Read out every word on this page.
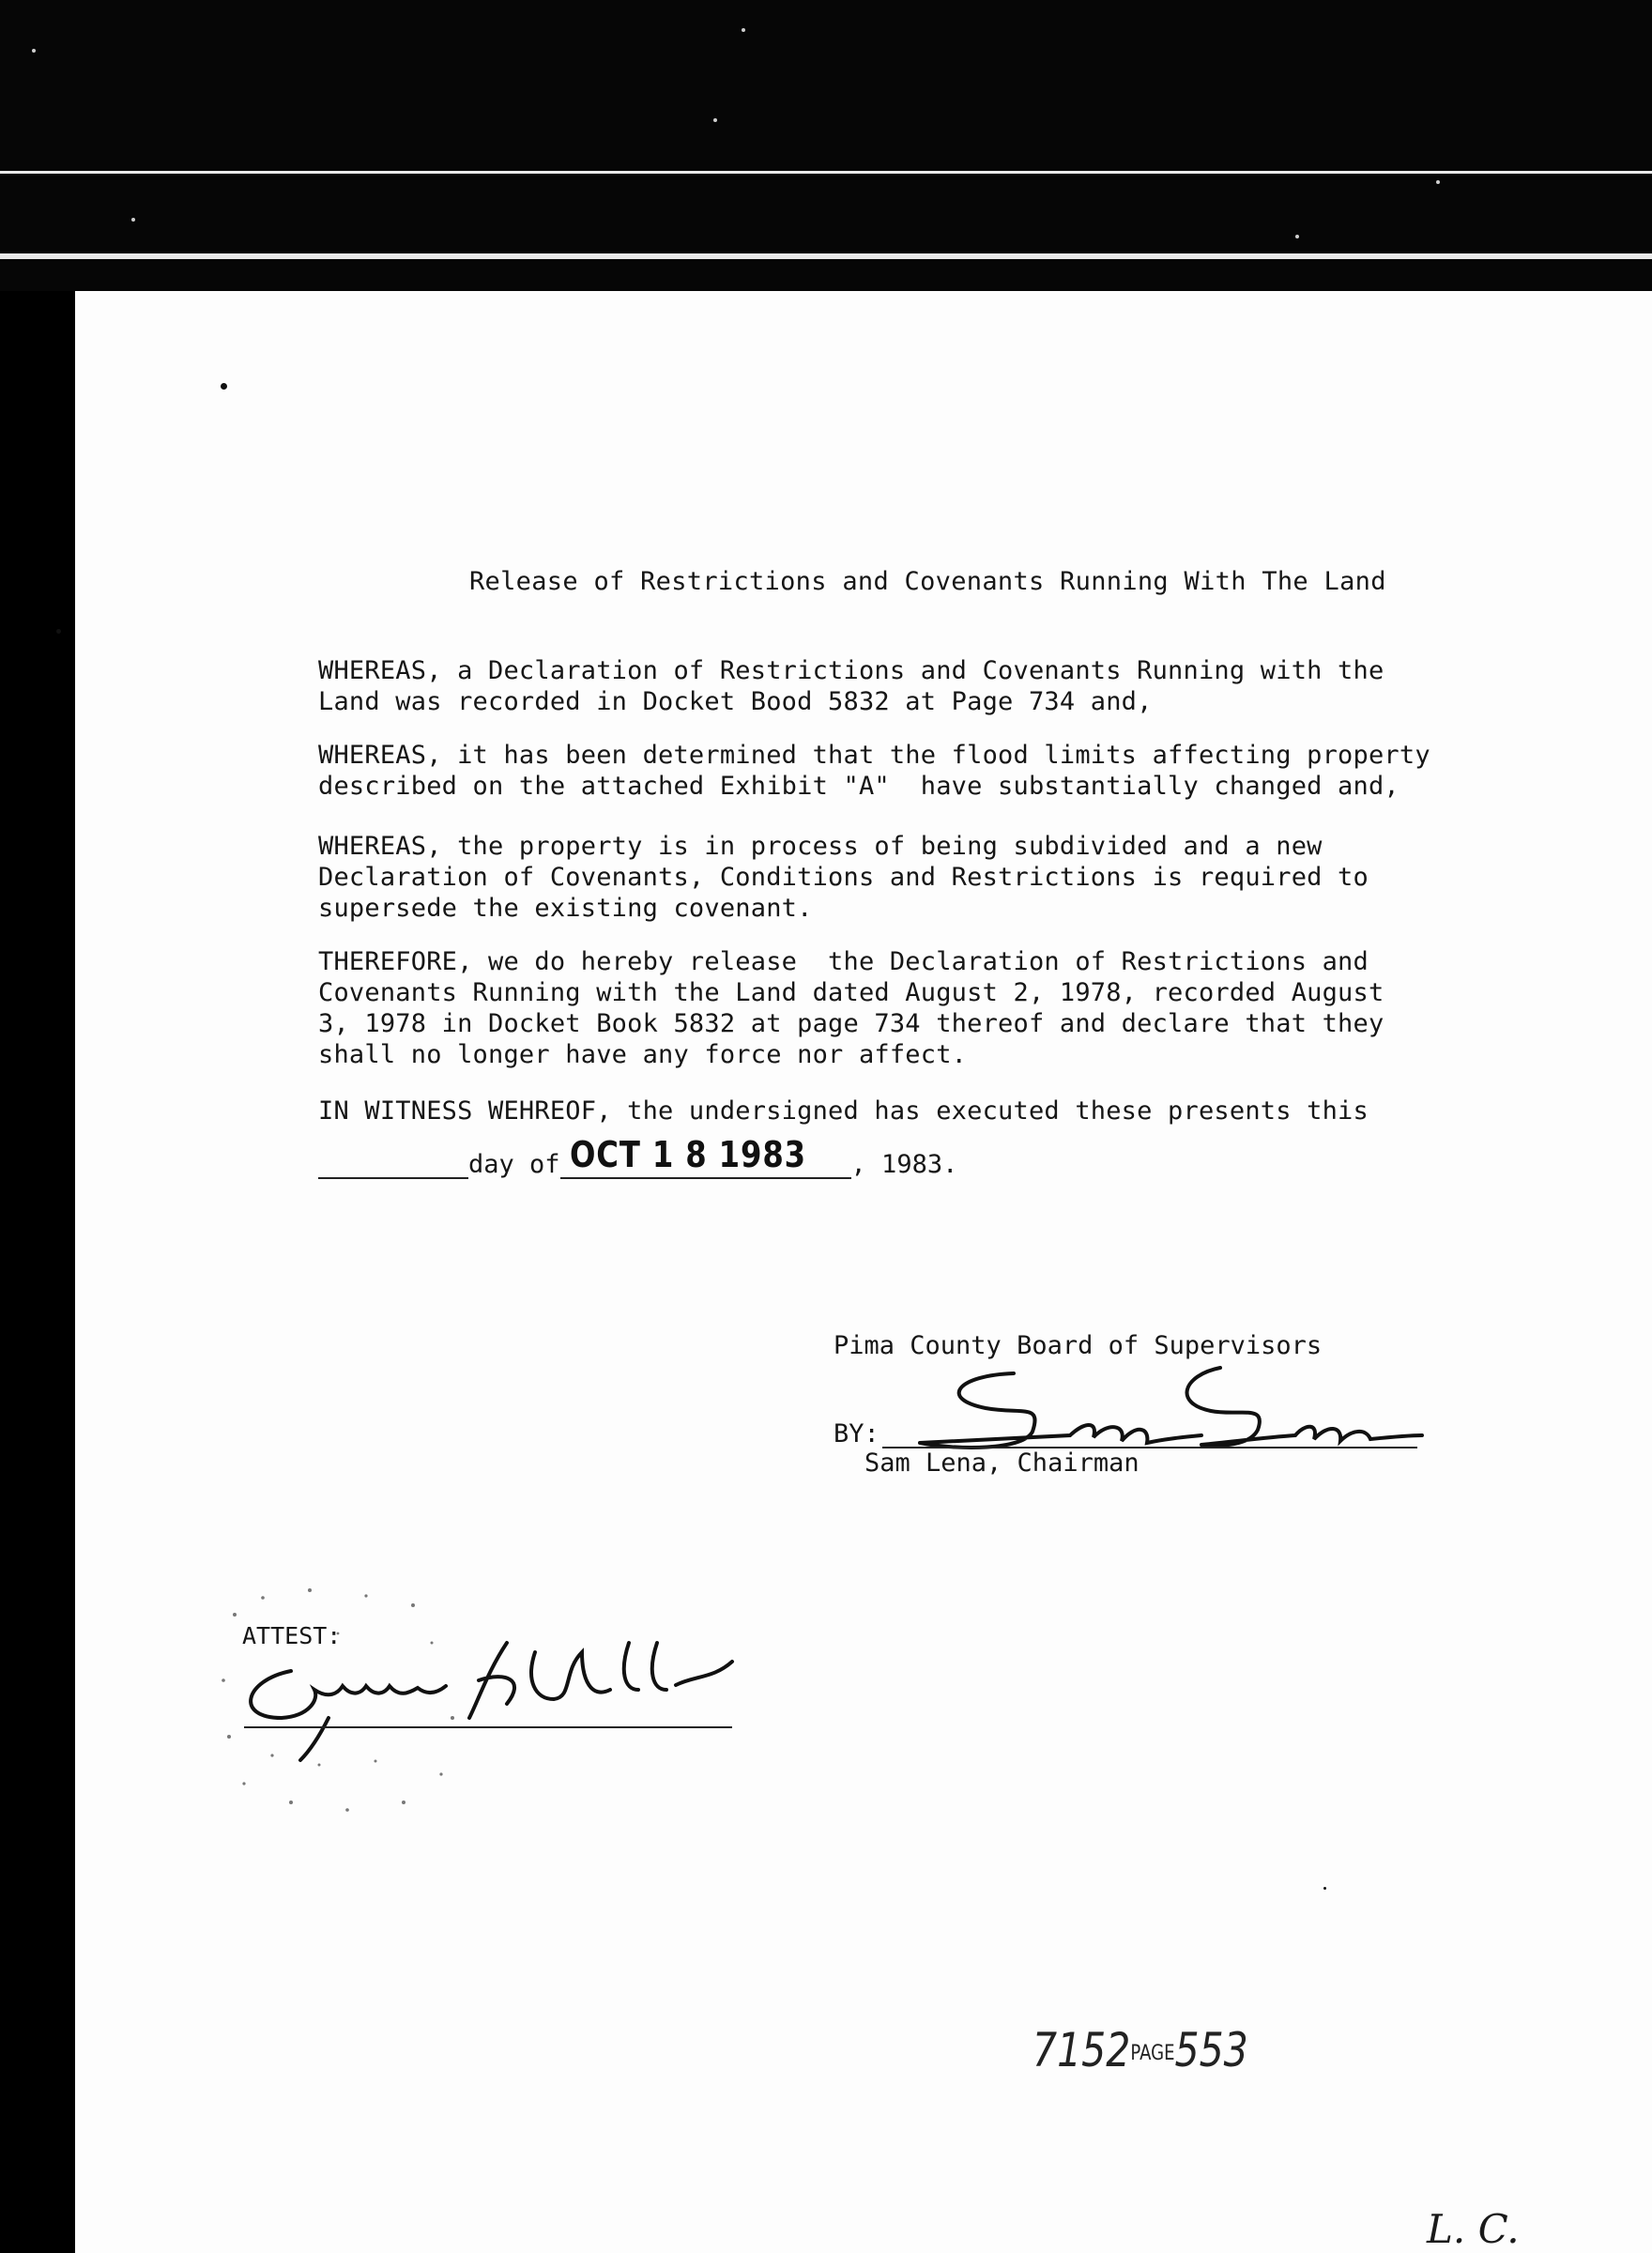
Release of Restrictions and Covenants Running With The Land

WHEREAS, a Declaration of Restrictions and Covenants Running with the
Land was recorded in Docket Bood 5832 at Page 734 and,

WHEREAS, it has been determined that the flood limits affecting property
described on the attached Exhibit "A"  have substantially changed and,

WHEREAS, the property is in process of being subdivided and a new
Declaration of Covenants, Conditions and Restrictions is required to
supersede the existing covenant.

THEREFORE, we do hereby release  the Declaration of Restrictions and
Covenants Running with the Land dated August 2, 1978, recorded August
3, 1978 in Docket Book 5832 at page 734 thereof and declare that they
shall no longer have any force nor affect.

IN WITNESS WEHREOF, the undersigned has executed these presents this

day of OCT 1 8 1983 , 1983.
Pima County Board of Supervisors
BY:
Sam Lena, Chairman
ATTEST:
7152PAGE553
L. C.
